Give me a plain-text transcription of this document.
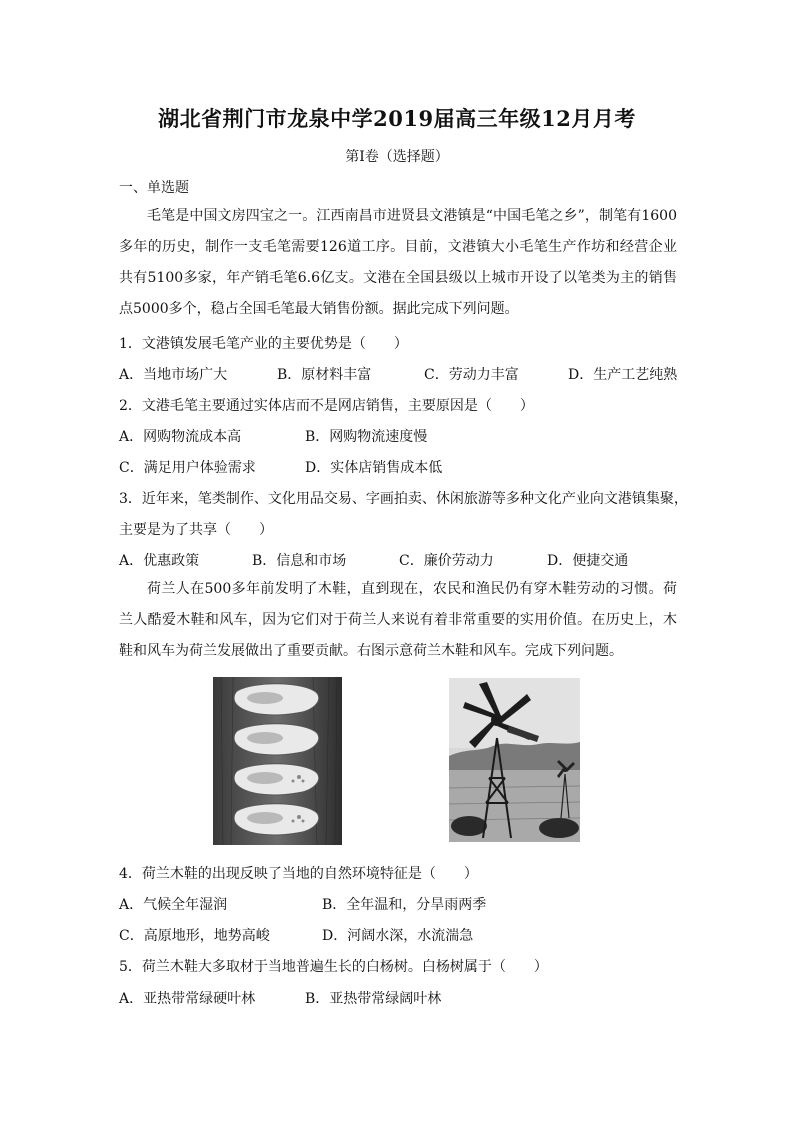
湖北省荆门市龙泉中学2019届高三年级12月月考
第Ⅰ卷（选择题）
一、单选题
毛笔是中国文房四宝之一。江西南昌市进贤县文港镇是“中国毛笔之乡”，制笔有1600多年的历史，制作一支毛笔需要126道工序。目前，文港镇大小毛笔生产作坊和经营企业共有5100多家，年产销毛笔6.6亿支。文港在全国县级以上城市开设了以笔类为主的销售点5000多个，稳占全国毛笔最大销售份额。据此完成下列问题。
1．文港镇发展毛笔产业的主要优势是（　　）
A．当地市场广大	B．原材料丰富	C．劳动力丰富	D．生产工艺纯熟
2．文港毛笔主要通过实体店而不是网店销售，主要原因是（　　）
A．网购物流成本高	B．网购物流速度慢
C．满足用户体验需求	D．实体店销售成本低
3．近年来，笔类制作、文化用品交易、字画拍卖、休闲旅游等多种文化产业向文港镇集聚，
主要是为了共享（　　）
A．优惠政策	B．信息和市场	C．廉价劳动力	D．便捷交通
荷兰人在500多年前发明了木鞋，直到现在，农民和渔民仍有穿木鞋劳动的习惯。荷兰人酷爱木鞋和风车，因为它们对于荷兰人来说有着非常重要的实用价值。在历史上，木鞋和风车为荷兰发展做出了重要贡献。右图示意荷兰木鞋和风车。完成下列问题。
4．荷兰木鞋的出现反映了当地的自然环境特征是（　　）
A．气候全年湿润	B．全年温和，分旱雨两季
C．高原地形，地势高峻	D．河阔水深，水流湍急
5．荷兰木鞋大多取材于当地普遍生长的白杨树。白杨树属于（　　）
A．亚热带常绿硬叶林	B．亚热带常绿阔叶林
